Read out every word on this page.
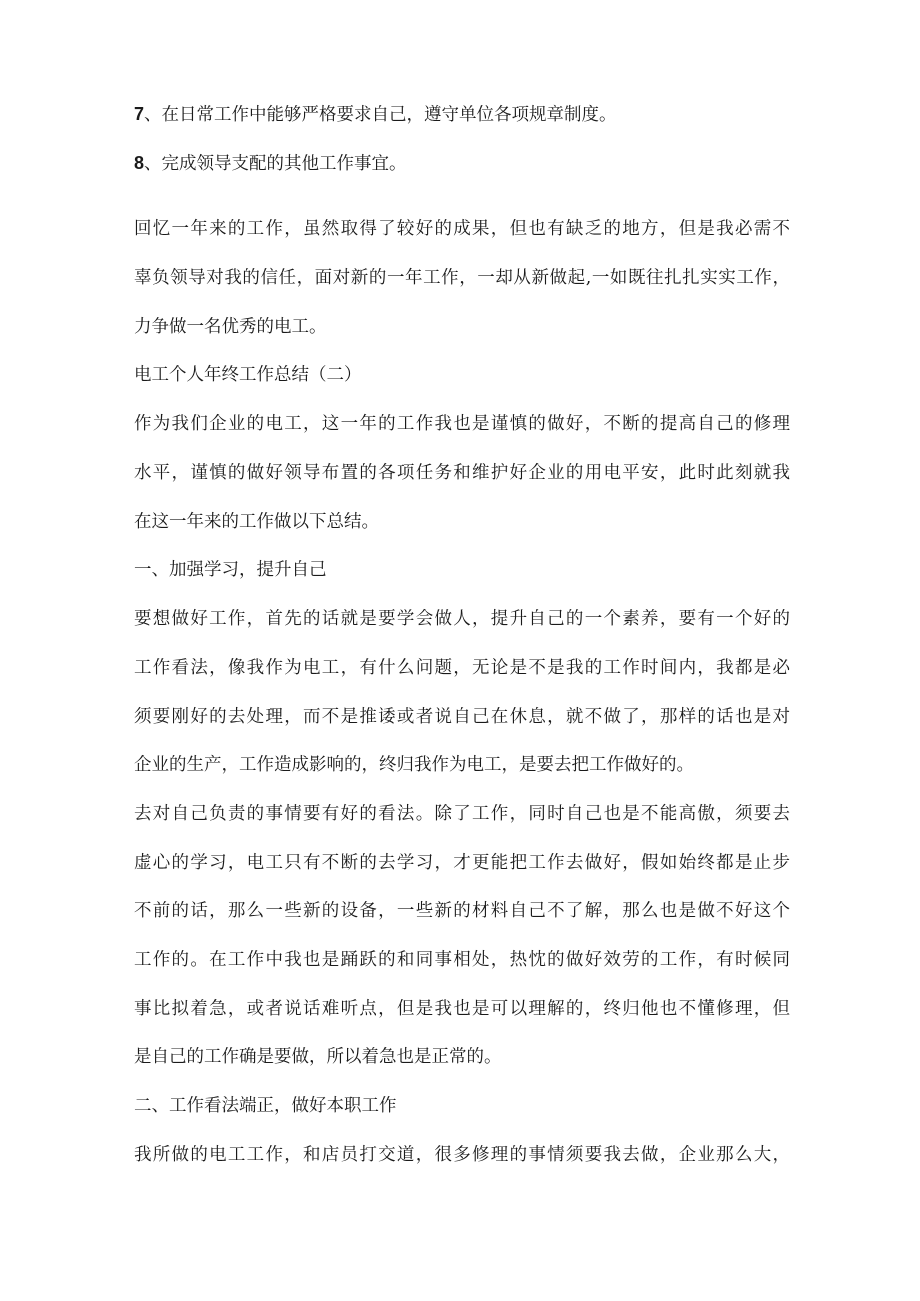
7、在日常工作中能够严格要求自己，遵守单位各项规章制度。
8、完成领导支配的其他工作事宜。
回忆一年来的工作，虽然取得了较好的成果，但也有缺乏的地方，但是我必需不
辜负领导对我的信任，面对新的一年工作，一却从新做起,一如既往扎扎实实工作，
力争做一名优秀的电工。
电工个人年终工作总结（二）
作为我们企业的电工，这一年的工作我也是谨慎的做好，不断的提高自己的修理
水平，谨慎的做好领导布置的各项任务和维护好企业的用电平安，此时此刻就我
在这一年来的工作做以下总结。
一、加强学习，提升自己
要想做好工作，首先的话就是要学会做人，提升自己的一个素养，要有一个好的
工作看法，像我作为电工，有什么问题，无论是不是我的工作时间内，我都是必
须要刚好的去处理，而不是推诿或者说自己在休息，就不做了，那样的话也是对
企业的生产，工作造成影响的，终归我作为电工，是要去把工作做好的。
去对自己负责的事情要有好的看法。除了工作，同时自己也是不能高傲，须要去
虚心的学习，电工只有不断的去学习，才更能把工作去做好，假如始终都是止步
不前的话，那么一些新的设备，一些新的材料自己不了解，那么也是做不好这个
工作的。在工作中我也是踊跃的和同事相处，热忱的做好效劳的工作，有时候同
事比拟着急，或者说话难听点，但是我也是可以理解的，终归他也不懂修理，但
是自己的工作确是要做，所以着急也是正常的。
二、工作看法端正，做好本职工作
我所做的电工工作，和店员打交道，很多修理的事情须要我去做，企业那么大，
